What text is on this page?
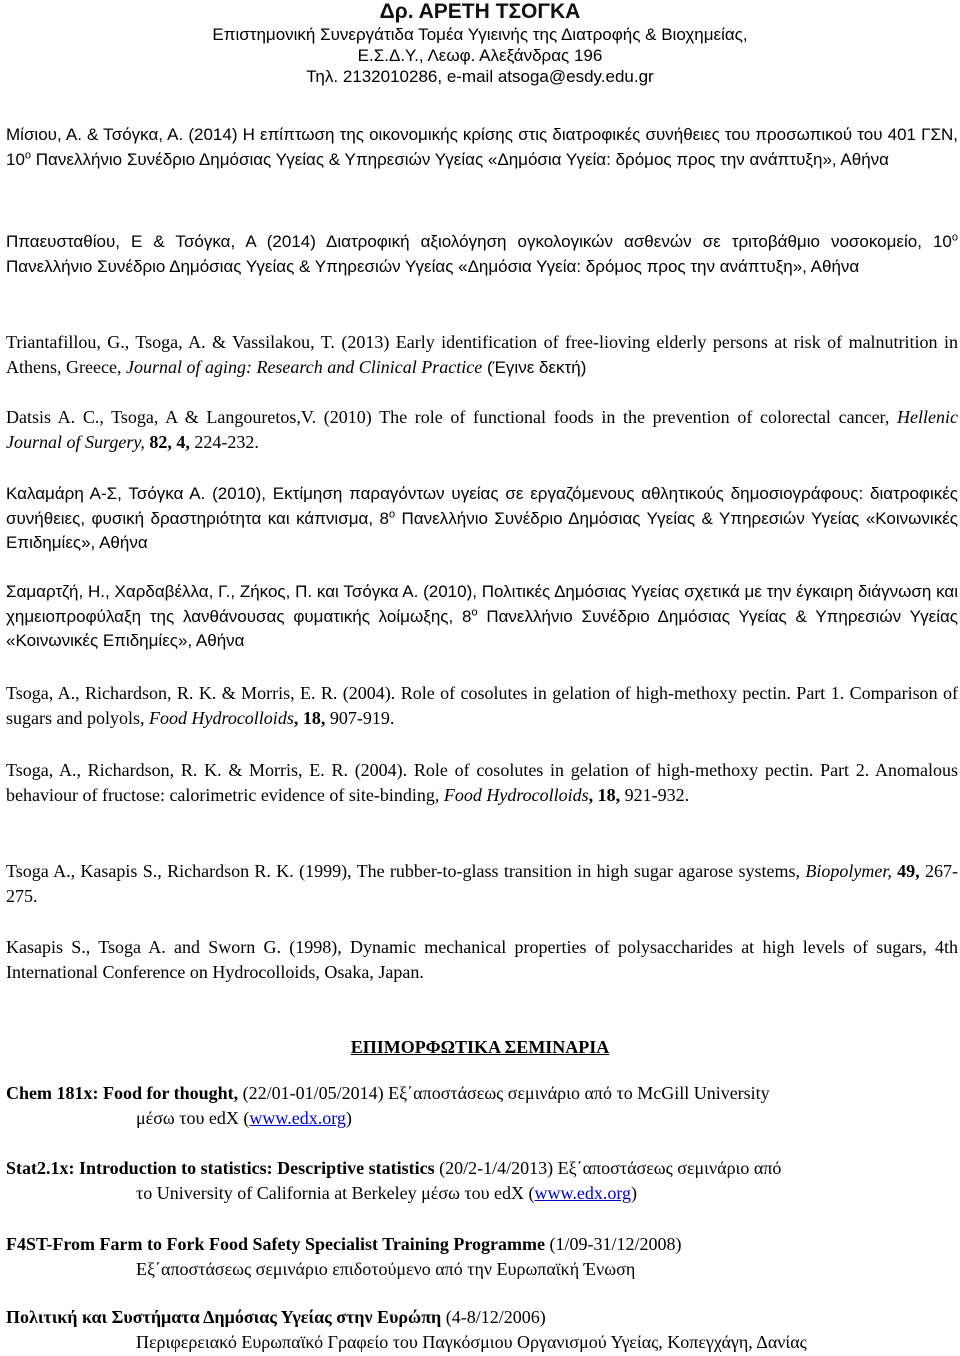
Δρ. ΑΡΕΤΗ ΤΣΟΓΚΑ
Επιστημονική Συνεργάτιδα Τομέα Υγιεινής της Διατροφής & Βιοχημείας,
Ε.Σ.Δ.Υ., Λεωφ. Αλεξάνδρας 196
Τηλ. 2132010286, e-mail atsoga@esdy.edu.gr
Μίσιου, Α. & Τσόγκα, Α. (2014) Η επίπτωση της οικονομικής κρίσης στις διατροφικές συνήθειες του προσωπικού του 401 ΓΣΝ, $10^o$ Πανελλήνιο Συνέδριο Δημόσιας Υγείας & Υπηρεσιών Υγείας «Δημόσια Υγεία: δρόμος προς την ανάπτυξη», Αθήνα
Ππαευσταθίου, Ε & Τσόγκα, Α (2014) Διατροφική αξιολόγηση ογκολογικών ασθενών σε τριτοβάθμιο νοσοκομείο, $10^o$ Πανελλήνιο Συνέδριο Δημόσιας Υγείας & Υπηρεσιών Υγείας «Δημόσια Υγεία: δρόμος προς την ανάπτυξη», Αθήνα
Triantafillou, G., Tsoga, A. & Vassilakou, T. (2013) Early identification of free-lioving elderly persons at risk of malnutrition in Athens, Greece, Journal of aging: Research and Clinical Practice (Έγινε δεκτή)
Datsis A. C., Tsoga, A & Langouretos,V. (2010) The role of functional foods in the prevention of colorectal cancer, Hellenic Journal of Surgery, 82, 4, 224-232.
Καλαμάρη Α-Σ, Τσόγκα Α. (2010), Εκτίμηση παραγόντων υγείας σε εργαζόμενους αθλητικούς δημοσιογράφους: διατροφικές συνήθειες, φυσική δραστηριότητα και κάπνισμα, $8^o$ Πανελλήνιο Συνέδριο Δημόσιας Υγείας & Υπηρεσιών Υγείας «Κοινωνικές Επιδημίες», Αθήνα
Σαμαρτζή, Η., Χαρδαβέλλα, Γ., Ζήκος, Π. και Τσόγκα Α. (2010), Πολιτικές Δημόσιας Υγείας σχετικά με την έγκαιρη διάγνωση και χημειοπροφύλαξη της λανθάνουσας φυματικής λοίμωξης, $8^o$ Πανελλήνιο Συνέδριο Δημόσιας Υγείας & Υπηρεσιών Υγείας «Κοινωνικές Επιδημίες», Αθήνα
Tsoga, A., Richardson, R. K. & Morris, E. R. (2004). Role of cosolutes in gelation of high-methoxy pectin. Part 1. Comparison of sugars and polyols, Food Hydrocolloids, 18, 907-919.
Tsoga, A., Richardson, R. K. & Morris, E. R. (2004). Role of cosolutes in gelation of high-methoxy pectin. Part 2. Anomalous behaviour of fructose: calorimetric evidence of site-binding, Food Hydrocolloids, 18, 921-932.
Tsoga A., Kasapis S., Richardson R. K. (1999), The rubber-to-glass transition in high sugar agarose systems, Biopolymer, 49, 267-275.
Kasapis S., Tsoga A. and Sworn G. (1998), Dynamic mechanical properties of polysaccharides at high levels of sugars, 4th International Conference on Hydrocolloids, Osaka, Japan.
ΕΠΙΜΟΡΦΩΤΙΚΑ ΣΕΜΙΝΑΡΙΑ
Chem 181x: Food for thought, (22/01-01/05/2014) Εξ΄αποστάσεως σεμινάριο από το McGill University
μέσω του edX (www.edx.org)
Stat2.1x: Introduction to statistics: Descriptive statistics (20/2-1/4/2013) Εξ΄αποστάσεως σεμινάριο από
το University of California at Berkeley μέσω του edX (www.edx.org)
F4ST-From Farm to Fork Food Safety Specialist Training Programme (1/09-31/12/2008)
Εξ΄αποστάσεως σεμινάριο επιδοτούμενο από την Ευρωπαϊκή Ένωση
Πολιτική και Συστήματα Δημόσιας Υγείας στην Ευρώπη (4-8/12/2006)
Περιφερειακό Ευρωπαϊκό Γραφείο του Παγκόσμιου Οργανισμού Υγείας, Κοπεγχάγη, Δανίας
